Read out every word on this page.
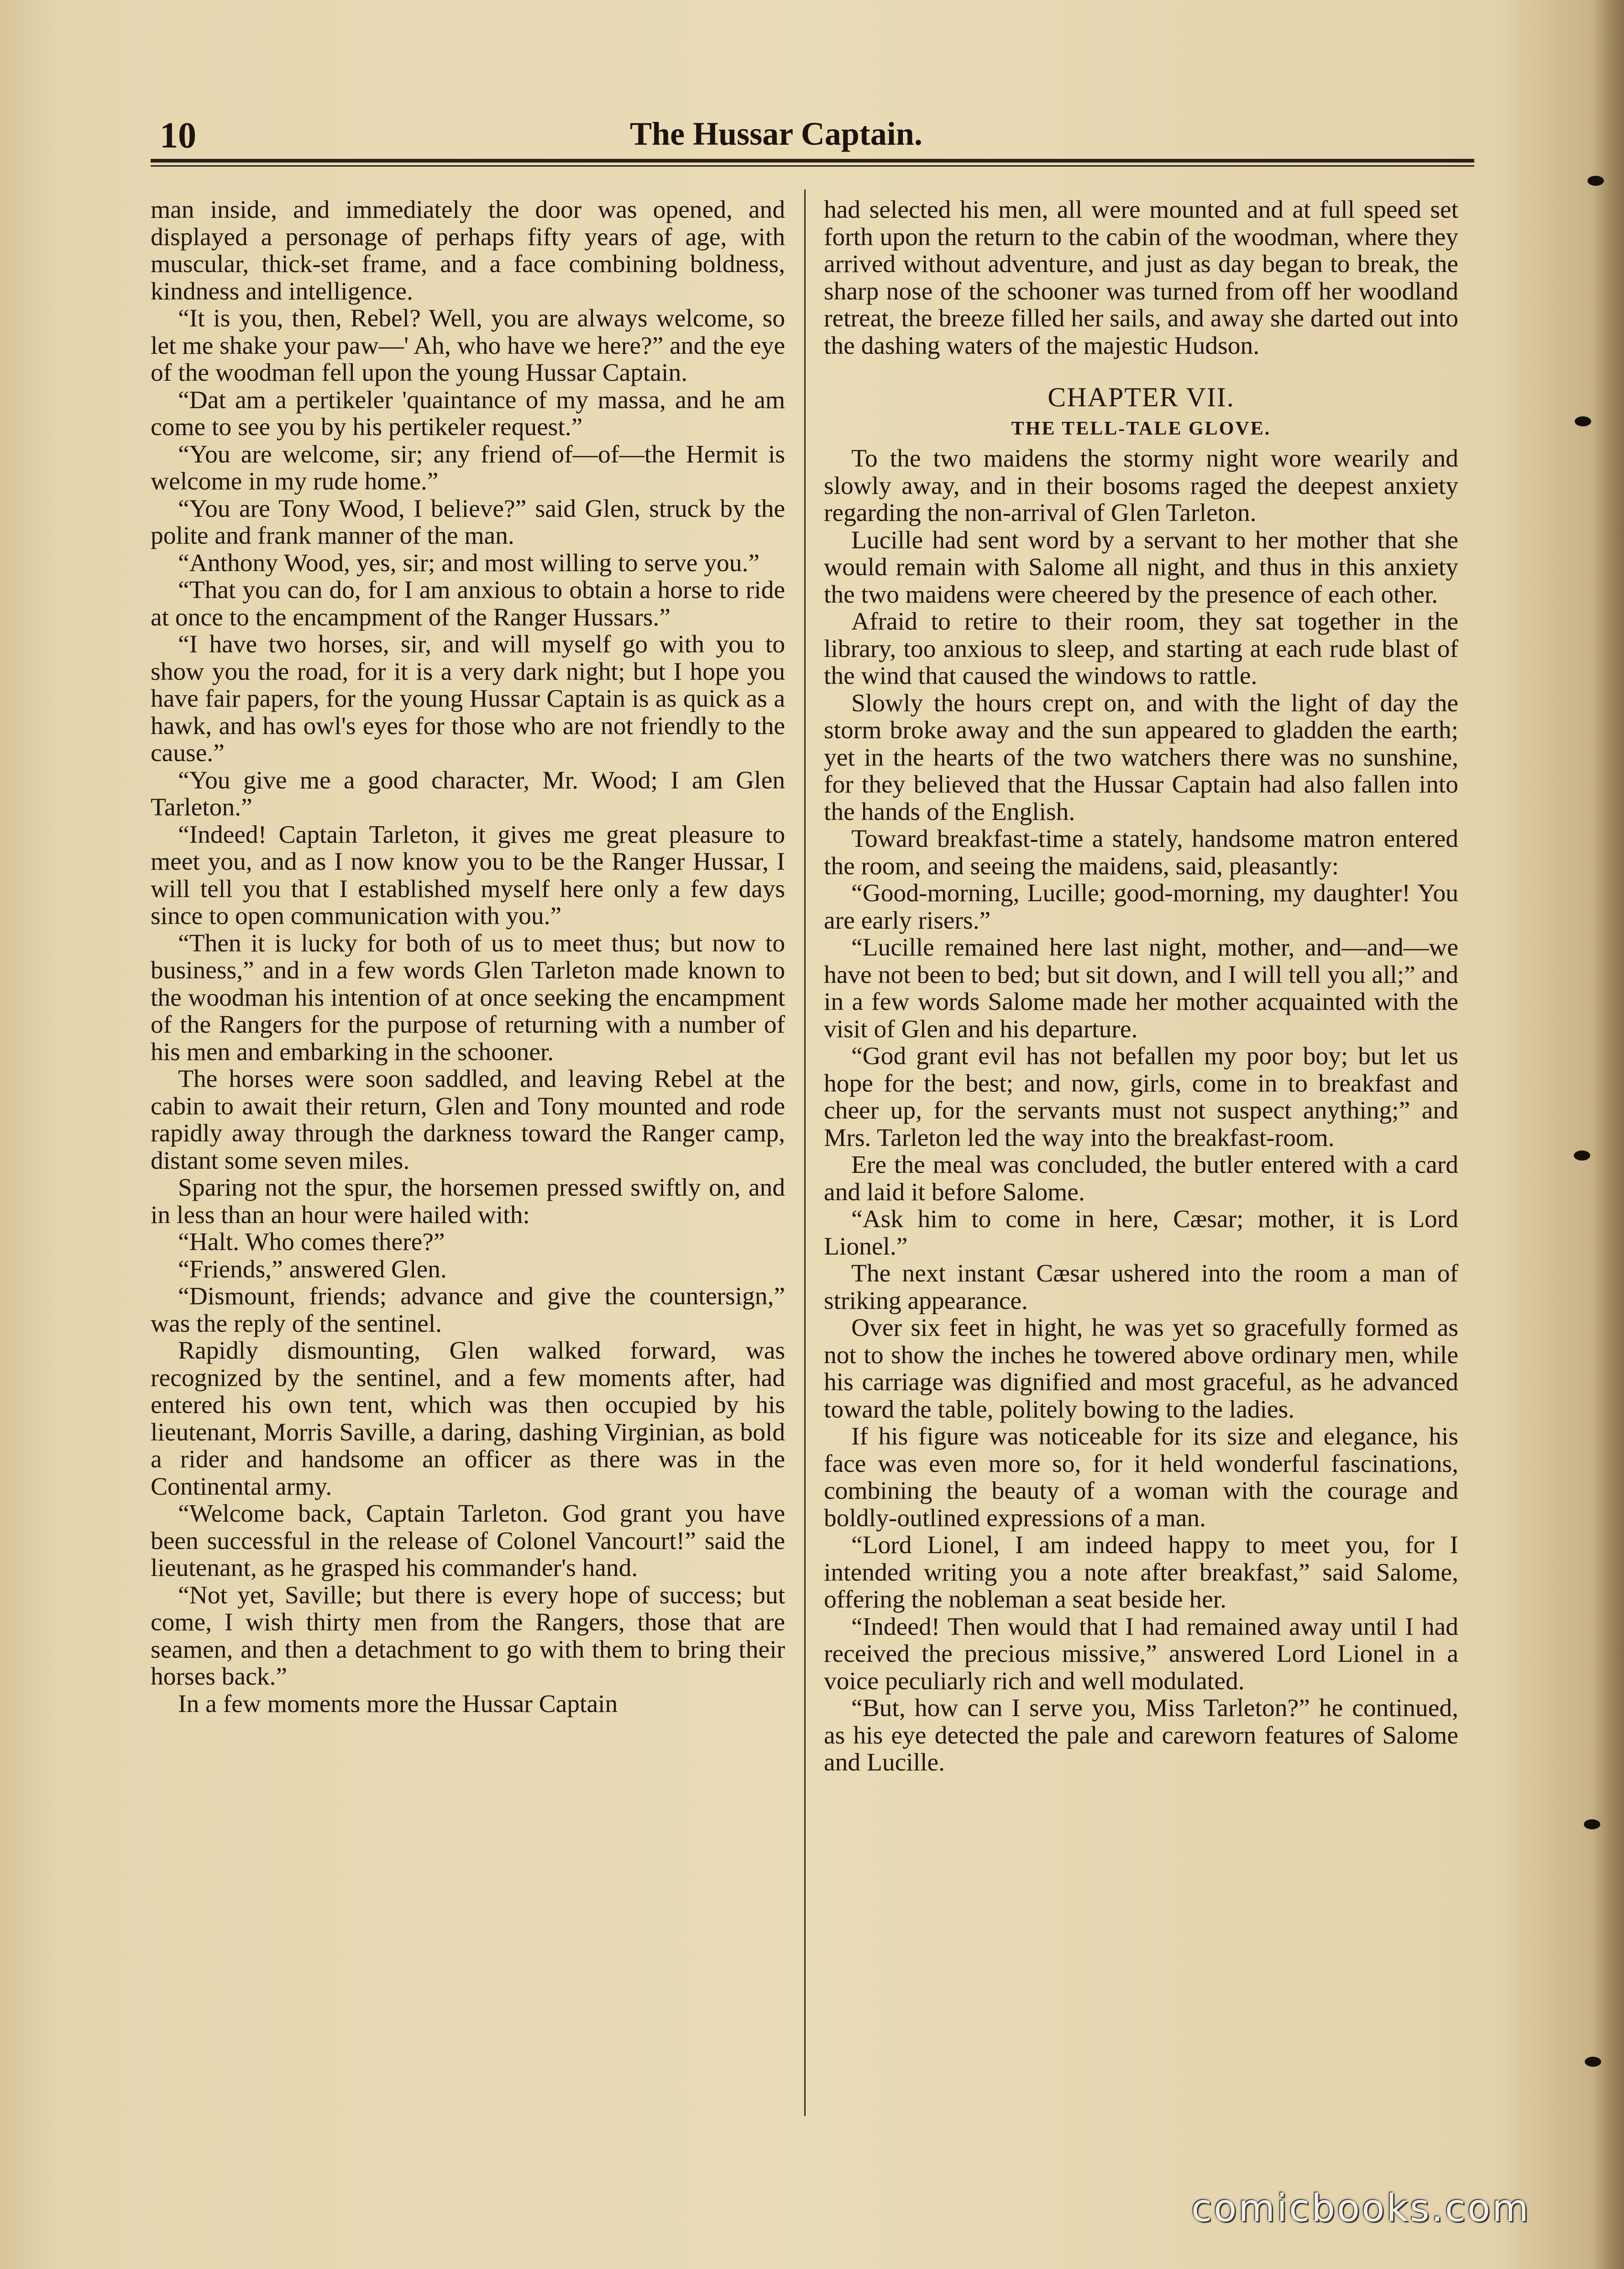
10	The Hussar Captain.

man inside, and immediately the door was opened, and displayed a personage of perhaps fifty years of age, with muscular, thick-set frame, and a face combining boldness, kindness and intelligence.

“It is you, then, Rebel? Well, you are always welcome, so let me shake your paw—' Ah, who have we here?” and the eye of the woodman fell upon the young Hussar Captain.

“Dat am a pertikeler 'quaintance of my massa, and he am come to see you by his pertikeler request.”

“You are welcome, sir; any friend of—of—the Hermit is welcome in my rude home.”

“You are Tony Wood, I believe?” said Glen, struck by the polite and frank manner of the man.

“Anthony Wood, yes, sir; and most willing to serve you.”

“That you can do, for I am anxious to obtain a horse to ride at once to the encampment of the Ranger Hussars.”

“I have two horses, sir, and will myself go with you to show you the road, for it is a very dark night; but I hope you have fair papers, for the young Hussar Captain is as quick as a hawk, and has owl's eyes for those who are not friendly to the cause.”

“You give me a good character, Mr. Wood; I am Glen Tarleton.”

“Indeed! Captain Tarleton, it gives me great pleasure to meet you, and as I now know you to be the Ranger Hussar, I will tell you that I established myself here only a few days since to open communication with you.”

“Then it is lucky for both of us to meet thus; but now to business,” and in a few words Glen Tarleton made known to the woodman his intention of at once seeking the encampment of the Rangers for the purpose of returning with a number of his men and embarking in the schooner.

The horses were soon saddled, and leaving Rebel at the cabin to await their return, Glen and Tony mounted and rode rapidly away through the darkness toward the Ranger camp, distant some seven miles.

Sparing not the spur, the horsemen pressed swiftly on, and in less than an hour were hailed with:

“Halt. Who comes there?”

“Friends,” answered Glen.

“Dismount, friends; advance and give the countersign,” was the reply of the sentinel.

Rapidly dismounting, Glen walked forward, was recognized by the sentinel, and a few moments after, had entered his own tent, which was then occupied by his lieutenant, Morris Saville, a daring, dashing Virginian, as bold a rider and handsome an officer as there was in the Continental army.

“Welcome back, Captain Tarleton. God grant you have been successful in the release of Colonel Vancourt!” said the lieutenant, as he grasped his commander's hand.

“Not yet, Saville; but there is every hope of success; but come, I wish thirty men from the Rangers, those that are seamen, and then a detachment to go with them to bring their horses back.”

In a few moments more the Hussar Captain

had selected his men, all were mounted and at full speed set forth upon the return to the cabin of the woodman, where they arrived without adventure, and just as day began to break, the sharp nose of the schooner was turned from off her woodland retreat, the breeze filled her sails, and away she darted out into the dashing waters of the majestic Hudson.

CHAPTER VII.
THE TELL-TALE GLOVE.

To the two maidens the stormy night wore wearily and slowly away, and in their bosoms raged the deepest anxiety regarding the non-arrival of Glen Tarleton.

Lucille had sent word by a servant to her mother that she would remain with Salome all night, and thus in this anxiety the two maidens were cheered by the presence of each other.

Afraid to retire to their room, they sat together in the library, too anxious to sleep, and starting at each rude blast of the wind that caused the windows to rattle.

Slowly the hours crept on, and with the light of day the storm broke away and the sun appeared to gladden the earth; yet in the hearts of the two watchers there was no sunshine, for they believed that the Hussar Captain had also fallen into the hands of the English.

Toward breakfast-time a stately, handsome matron entered the room, and seeing the maidens, said, pleasantly:

“Good-morning, Lucille; good-morning, my daughter! You are early risers.”

“Lucille remained here last night, mother, and—and—we have not been to bed; but sit down, and I will tell you all;” and in a few words Salome made her mother acquainted with the visit of Glen and his departure.

“God grant evil has not befallen my poor boy; but let us hope for the best; and now, girls, come in to breakfast and cheer up, for the servants must not suspect anything;” and Mrs. Tarleton led the way into the breakfast-room.

Ere the meal was concluded, the butler entered with a card and laid it before Salome.

“Ask him to come in here, Cæsar; mother, it is Lord Lionel.”

The next instant Cæsar ushered into the room a man of striking appearance.

Over six feet in hight, he was yet so gracefully formed as not to show the inches he towered above ordinary men, while his carriage was dignified and most graceful, as he advanced toward the table, politely bowing to the ladies.

If his figure was noticeable for its size and elegance, his face was even more so, for it held wonderful fascinations, combining the beauty of a woman with the courage and boldly-outlined expressions of a man.

“Lord Lionel, I am indeed happy to meet you, for I intended writing you a note after breakfast,” said Salome, offering the nobleman a seat beside her.

“Indeed! Then would that I had remained away until I had received the precious missive,” answered Lord Lionel in a voice peculiarly rich and well modulated.

“But, how can I serve you, Miss Tarleton?” he continued, as his eye detected the pale and careworn features of Salome and Lucille.

comicbooks.com
